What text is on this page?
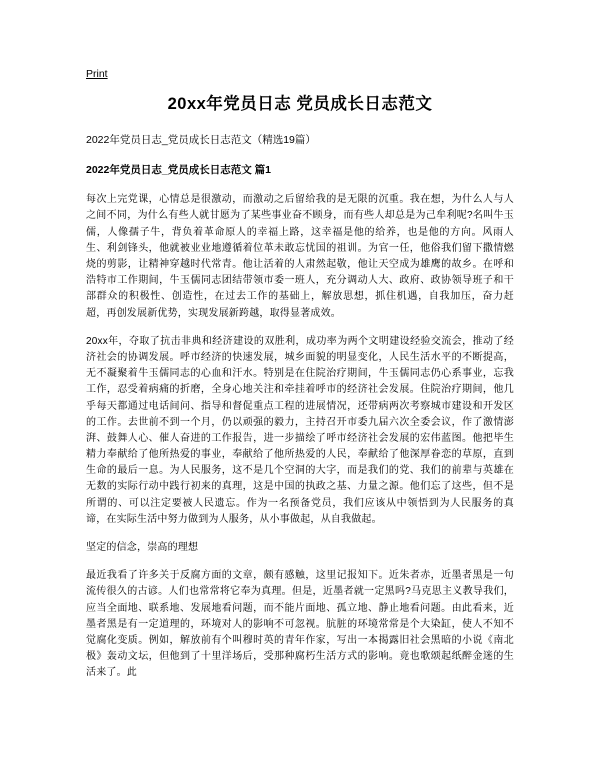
Print
20xx年党员日志 党员成长日志范文
2022年党员日志_党员成长日志范文（精选19篇）
2022年党员日志_党员成长日志范文 篇1

每次上完党课，心情总是很激动，而激动之后留给我的是无限的沉重。我在想，为什么人与人之间不同，为什么有些人就甘愿为了某些事业奋不顾身，而有些人却总是为己牟利呢?名叫牛玉儒，人像孺子牛，背负着革命原人的幸福上路，这幸福是他的给养，也是他的方向。风雨人生、利剑锋头，他就被业业地遵循着位革未敢忘忧国的祖训。为官一任，他俗我们留下撒情燃烧的剪影，让精神穿越时代常青。他让活着的人肃然起敬，他让天空成为雄鹰的故乡。在呼和浩特市工作期间，牛玉儒同志团结带领市委一班人，充分调动人大、政府、政协领导班子和干部群众的积极性、创造性，在过去工作的基础上，解放思想，抓住机遇，自我加压，奋力赶超，再创发展新优势，实现发展新跨越，取得显著成效。

20xx年，夺取了抗击非典和经济建设的双胜利，成功率为两个文明建设经验交流会，推动了经济社会的协调发展。呼市经济的快速发展，城乡面貌的明显变化，人民生活水平的不断提高，无不凝聚着牛玉儒同志的心血和汗水。特别是在住院治疗期间，牛玉儒同志仍心系事业，忘我工作，忍受着病痛的折磨，全身心地关注和牵挂着呼市的经济社会发展。住院治疗期间，他几乎每天都通过电话间问、指导和督促重点工程的进展情况，还带病两次考察城市建设和开发区的工作。去世前不到一个月，仍以顽强的毅力，主持召开市委九届六次全委会议，作了激情澎湃、鼓舞人心、催人奋进的工作报告，进一步描绘了呼市经济社会发展的宏伟蓝图。他把毕生精力奉献给了他所热爱的事业，奉献给了他所热爱的人民，奉献给了他深厚眷恋的草原，直到生命的最后一息。为人民服务，这不是几个空洞的大字，而是我们的党、我们的前辈与英雄在无数的实际行动中践行初来的真理，这是中国的执政之基、力量之源。他们忘了这些，但不是所谓的、可以注定要被人民遗忘。作为一名预备党员，我们应该从中领悟到为人民服务的真谛，在实际生活中努力做到为人服务，从小事做起，从自我做起。

坚定的信念，崇高的理想

最近我看了许多关于反腐方面的文章，颇有感触，这里记报知下。近朱者赤，近墨者黑是一句流传很久的古谚。人们也常常将它奉为真理。但是，近墨者就一定黑吗?马克思主义教导我们，应当全面地、联系地、发展地看问题，而不能片面地、孤立地、静止地看问题。由此看来，近墨者黑是有一定道理的，环境对人的影响不可忽视。肮脏的环境常常是个大染缸，使人不知不觉腐化变质。例如，解放前有个叫穆时英的青年作家，写出一本揭露旧社会黑暗的小说《南北极》轰动文坛，但他到了十里洋场后，受那种腐朽生活方式的影响。竟也歌颂起纸醉金迷的生活来了。此
